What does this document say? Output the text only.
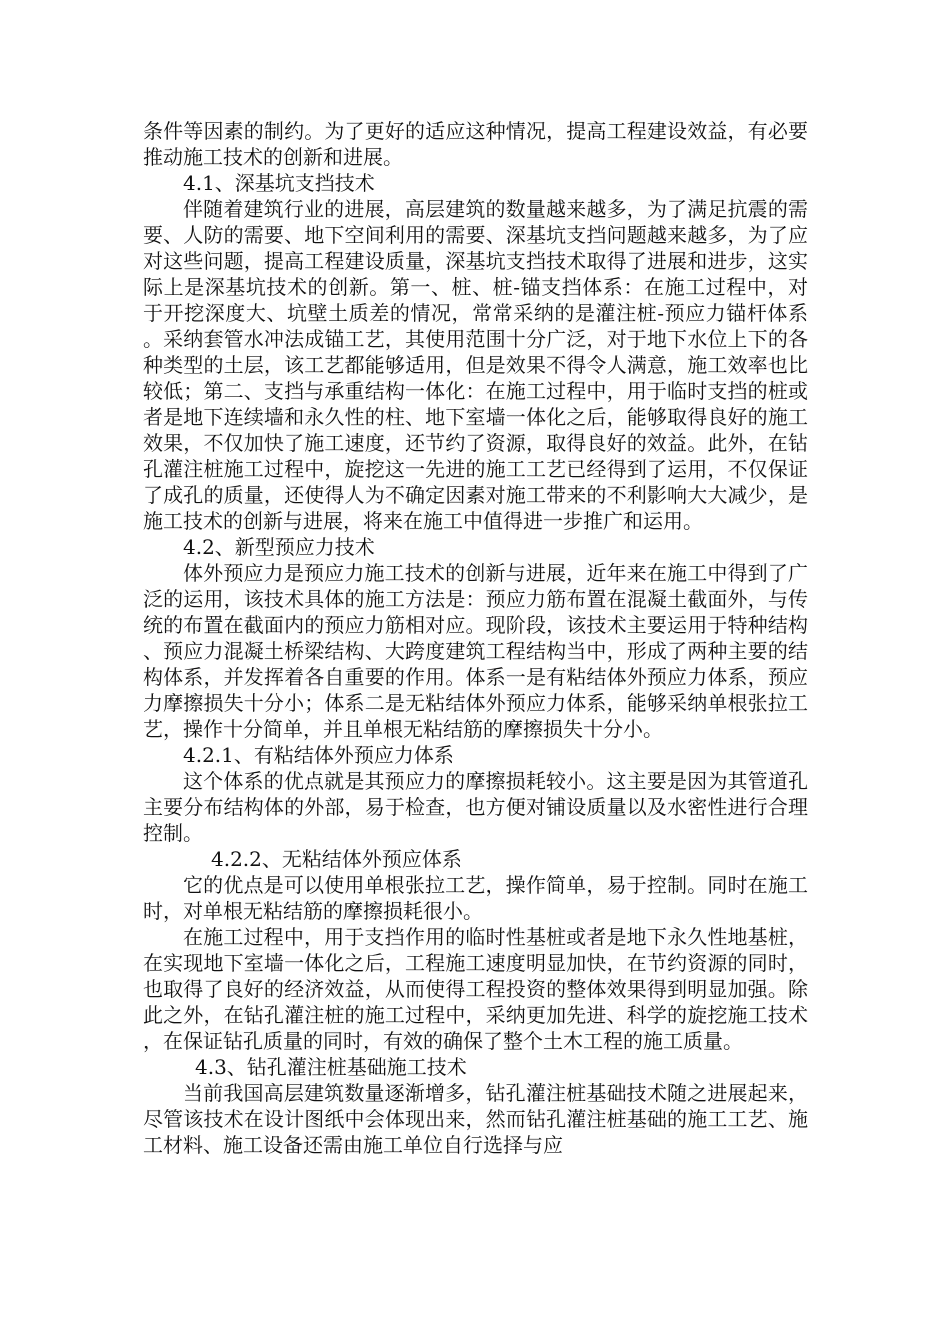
条件等因素的制约。为了更好的适应这种情况，提高工程建设效益，有必要推动施工技术的创新和进展。

4.1、深基坑支挡技术

伴随着建筑行业的进展，高层建筑的数量越来越多，为了满足抗震的需要、人防的需要、地下空间利用的需要、深基坑支挡问题越来越多，为了应对这些问题，提高工程建设质量，深基坑支挡技术取得了进展和进步，这实际上是深基坑技术的创新。第一、桩、桩-锚支挡体系：在施工过程中，对于开挖深度大、坑壁土质差的情况，常常采纳的是灌注桩-预应力锚杆体系。采纳套管水冲法成锚工艺，其使用范围十分广泛，对于地下水位上下的各种类型的土层，该工艺都能够适用，但是效果不得令人满意，施工效率也比较低；第二、支挡与承重结构一体化：在施工过程中，用于临时支挡的桩或者是地下连续墙和永久性的柱、地下室墙一体化之后，能够取得良好的施工效果，不仅加快了施工速度，还节约了资源，取得良好的效益。此外，在钻孔灌注桩施工过程中，旋挖这一先进的施工工艺已经得到了运用，不仅保证了成孔的质量，还使得人为不确定因素对施工带来的不利影响大大减少，是施工技术的创新与进展，将来在施工中值得进一步推广和运用。

4.2、新型预应力技术

体外预应力是预应力施工技术的创新与进展，近年来在施工中得到了广泛的运用，该技术具体的施工方法是：预应力筋布置在混凝土截面外，与传统的布置在截面内的预应力筋相对应。现阶段，该技术主要运用于特种结构、预应力混凝土桥梁结构、大跨度建筑工程结构当中，形成了两种主要的结构体系，并发挥着各自重要的作用。体系一是有粘结体外预应力体系，预应力摩擦损失十分小；体系二是无粘结体外预应力体系，能够采纳单根张拉工艺，操作十分简单，并且单根无粘结筋的摩擦损失十分小。

4.2.1、有粘结体外预应力体系

这个体系的优点就是其预应力的摩擦损耗较小。这主要是因为其管道孔主要分布结构体的外部，易于检查，也方便对铺设质量以及水密性进行合理控制。

4.2.2、无粘结体外预应体系

它的优点是可以使用单根张拉工艺，操作简单，易于控制。同时在施工时，对单根无粘结筋的摩擦损耗很小。

在施工过程中，用于支挡作用的临时性基桩或者是地下永久性地基桩，在实现地下室墙一体化之后，工程施工速度明显加快，在节约资源的同时，也取得了良好的经济效益，从而使得工程投资的整体效果得到明显加强。除此之外，在钻孔灌注桩的施工过程中，采纳更加先进、科学的旋挖施工技术，在保证钻孔质量的同时，有效的确保了整个土木工程的施工质量。

4.3、钻孔灌注桩基础施工技术

当前我国高层建筑数量逐渐增多，钻孔灌注桩基础技术随之进展起来，尽管该技术在设计图纸中会体现出来，然而钻孔灌注桩基础的施工工艺、施工材料、施工设备还需由施工单位自行选择与应
